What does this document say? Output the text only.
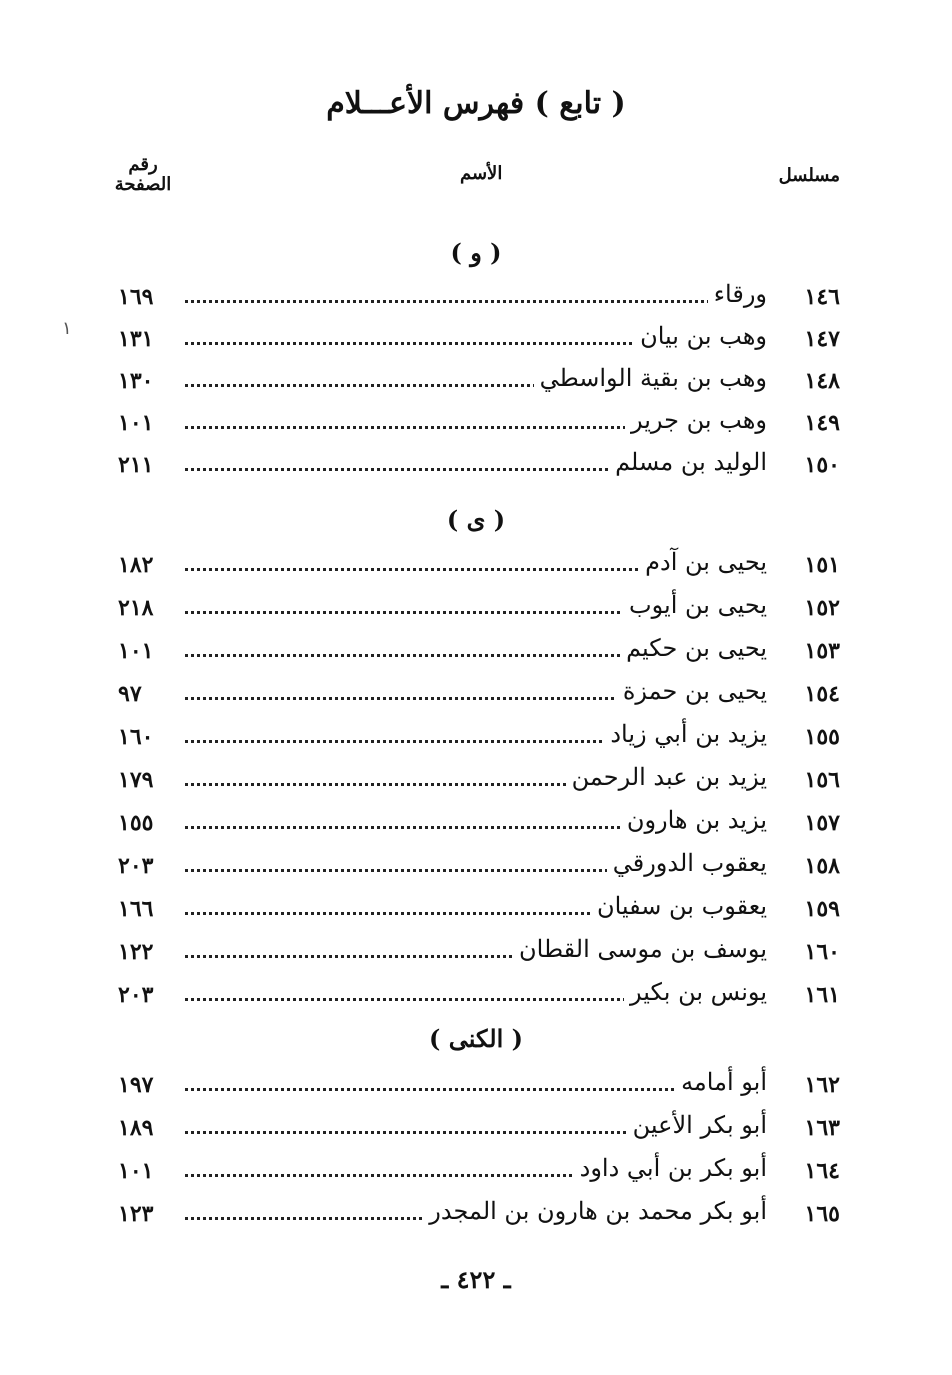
( تابع ) فهرس الأعـــلام
مسلسل
الأسم
رقم
الصفحة
١
( و )
١٤٦
ورقاء
١٦٩
١٤٧
وهب بن بيان
١٣١
١٤٨
وهب بن بقية الواسطي
١٣٠
١٤٩
وهب بن جرير
١٠١
١٥٠
الوليد بن مسلم
٢١١
( ى )
١٥١
يحيى بن آدم
١٨٢
١٥٢
يحيى بن أيوب
٢١٨
١٥٣
يحيى بن حكيم
١٠١
١٥٤
يحيى بن حمزة
٩٧
١٥٥
يزيد بن أبي زياد
١٦٠
١٥٦
يزيد بن عبد الرحمن
١٧٩
١٥٧
يزيد بن هارون
١٥٥
١٥٨
يعقوب الدورقي
٢٠٣
١٥٩
يعقوب بن سفيان
١٦٦
١٦٠
يوسف بن موسى القطان
١٢٢
١٦١
يونس بن بكير
٢٠٣
( الكنى )
١٦٢
أبو أمامه
١٩٧
١٦٣
أبو بكر الأعين
١٨٩
١٦٤
أبو بكر بن أبي داود
١٠١
١٦٥
أبو بكر محمد بن هارون بن المجدر
١٢٣
ـ ٤٢٢ ـ
